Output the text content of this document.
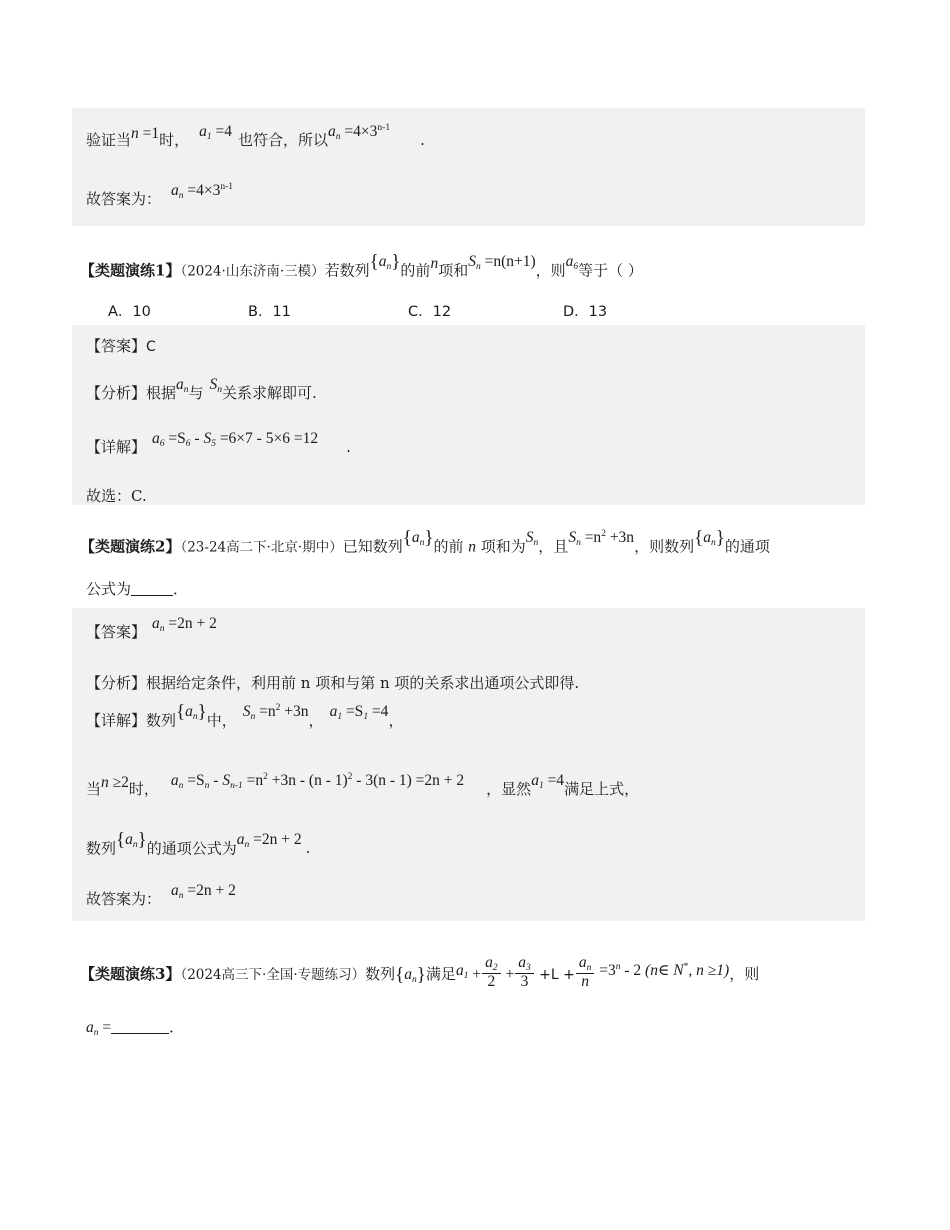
验证当n =1时， $a_1 =4$ 也符合，所以$a_n =4\times 3^{n-1}$.
故答案为： $a_n =4\times 3^{n-1}$
【类题演练1】（2024·山东济南·三模）若数列$\{a_n\}$的前n项和$S_n =n(n+1)$，则$a_6$等于（ ）
A．10	B．11	C．12	D．13
【答案】C
【分析】根据$a_n$与 $S_n$关系求解即可.
【详解】 $a_6 =S_6 - S_5 =6\times 7 - 5\times 6 =12$ .
故选：C.
【类题演练2】（23-24高二下·北京·期中）已知数列$\{a_n\}$的前 n 项和为$S_n$，且$S_n =n^2 +3n$，则数列$\{a_n\}$的通项
公式为	．
【答案】 $a_n =2n + 2$
【分析】根据给定条件，利用前 n 项和与第 n 项的关系求出通项公式即得.
【详解】数列$\{a_n\}$中， $S_n =n^2 +3n$， $a_1 =S_1 =4$，
当n ≥2时， $a_n =S_n - S_{n-1} =n^2 +3n - (n - 1)^2 - 3(n - 1) =2n + 2$ ，显然$a_1 =4$满足上式，
数列$\{a_n\}$的通项公式为$a_n =2n + 2$ .
故答案为： $a_n =2n + 2$
【类题演练3】（2024高三下·全国·专题练习）数列$\{a_n\}$满足$a_1 + \frac{a_2}{2} + \frac{a_3}{3} +L + \frac{a_n}{n} =3^n - 2$ (n∈ N*, n ≥1)，则
$a_n$ =	．
